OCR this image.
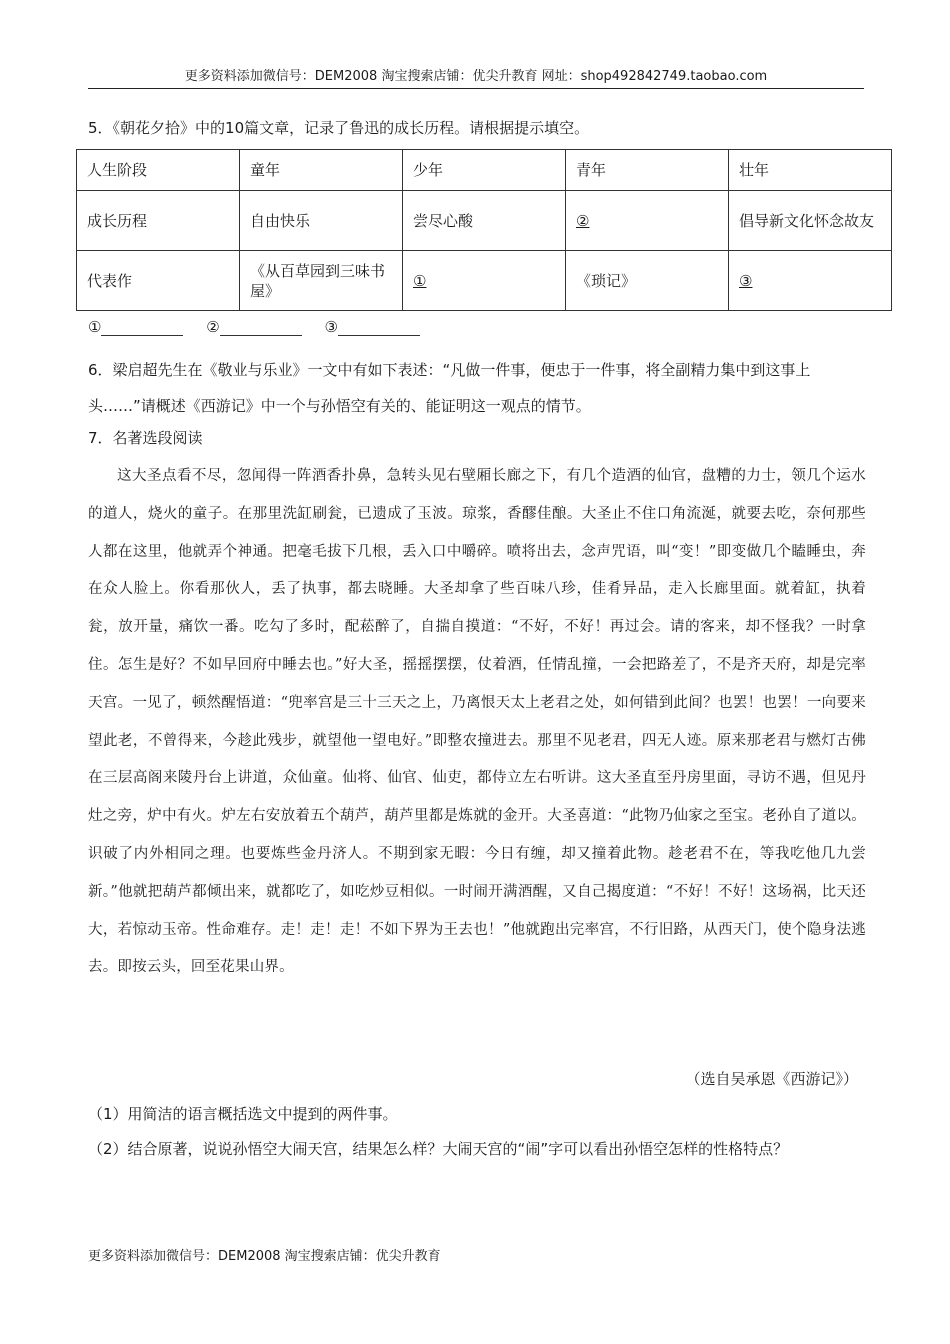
更多资料添加微信号：DEM2008 淘宝搜索店铺：优尖升教育 网址：shop492842749.taobao.com
5．《朝花夕拾》中的10篇文章，记录了鲁迅的成长历程。请根据提示填空。
人生阶段	童年	少年	青年	壮年
成长历程	自由快乐	尝尽心酸	②	倡导新文化怀念故友
代表作	《从百草园到三味书屋》	①	《琐记》	③
①	②	③
6．梁启超先生在《敬业与乐业》一文中有如下表述：“凡做一件事，便忠于一件事，将全副精力集中到这事上头……”请概述《西游记》中一个与孙悟空有关的、能证明这一观点的情节。
7．名著选段阅读
这大圣点看不尽，忽闻得一阵酒香扑鼻，急转头见右壁厢长廊之下，有几个造酒的仙官，盘糟的力士，领几个运水的道人，烧火的童子。在那里洗缸刷瓮，已遗成了玉波。琼浆，香醪佳酿。大圣止不住口角流涎，就要去吃，奈何那些人都在这里，他就弄个神通。把毫毛拔下几根，丢入口中嚼碎。喷将出去，念声咒语，叫“变！”即变做几个瞌睡虫，奔在众人脸上。你看那伙人，丢了执事，都去晓睡。大圣却拿了些百味八珍，佳肴异品，走入长廊里面。就着缸，执着瓮，放开量，痛饮一番。吃勾了多时，配菘醉了，自揣自摸道：“不好，不好！再过会。请的客来，却不怪我？一时拿住。怎生是好？不如早回府中睡去也。”好大圣，摇摇摆摆，仗着酒，任情乱撞，一会把路差了，不是齐天府，却是完率天宫。一见了，顿然醒悟道：“兜率宫是三十三天之上，乃离恨天太上老君之处，如何错到此间？也罢！也罢！一向要来望此老，不曾得来，今趁此残步，就望他一望电好。”即整农撞进去。那里不见老君，四无人迹。原来那老君与燃灯古佛在三层高阁来陵丹台上讲道，众仙童。仙将、仙官、仙吏，都侍立左右听讲。这大圣直至丹房里面，寻访不遇，但见丹灶之旁，炉中有火。炉左右安放着五个葫芦，葫芦里都是炼就的金开。大圣喜道：“此物乃仙家之至宝。老孙自了道以。识破了内外相同之理。也要炼些金丹济人。不期到家无暇：今日有缠，却又撞着此物。趁老君不在，等我吃他几九尝新。”他就把葫芦都倾出来，就都吃了，如吃炒豆相似。一时闹开满酒醒，又自己揭度道：“不好！不好！这场祸，比天还大，若惊动玉帝。性命难存。走！走！走！不如下界为王去也！”他就跑出完率宫，不行旧路，从西天门，使个隐身法逃去。即按云头，回至花果山界。
（选自吴承恩《西游记》）
（1）用简洁的语言概括选文中提到的两件事。
（2）结合原著，说说孙悟空大闹天宫，结果怎么样？大闹天宫的“闹”字可以看出孙悟空怎样的性格特点？
更多资料添加微信号：DEM2008 淘宝搜索店铺：优尖升教育
